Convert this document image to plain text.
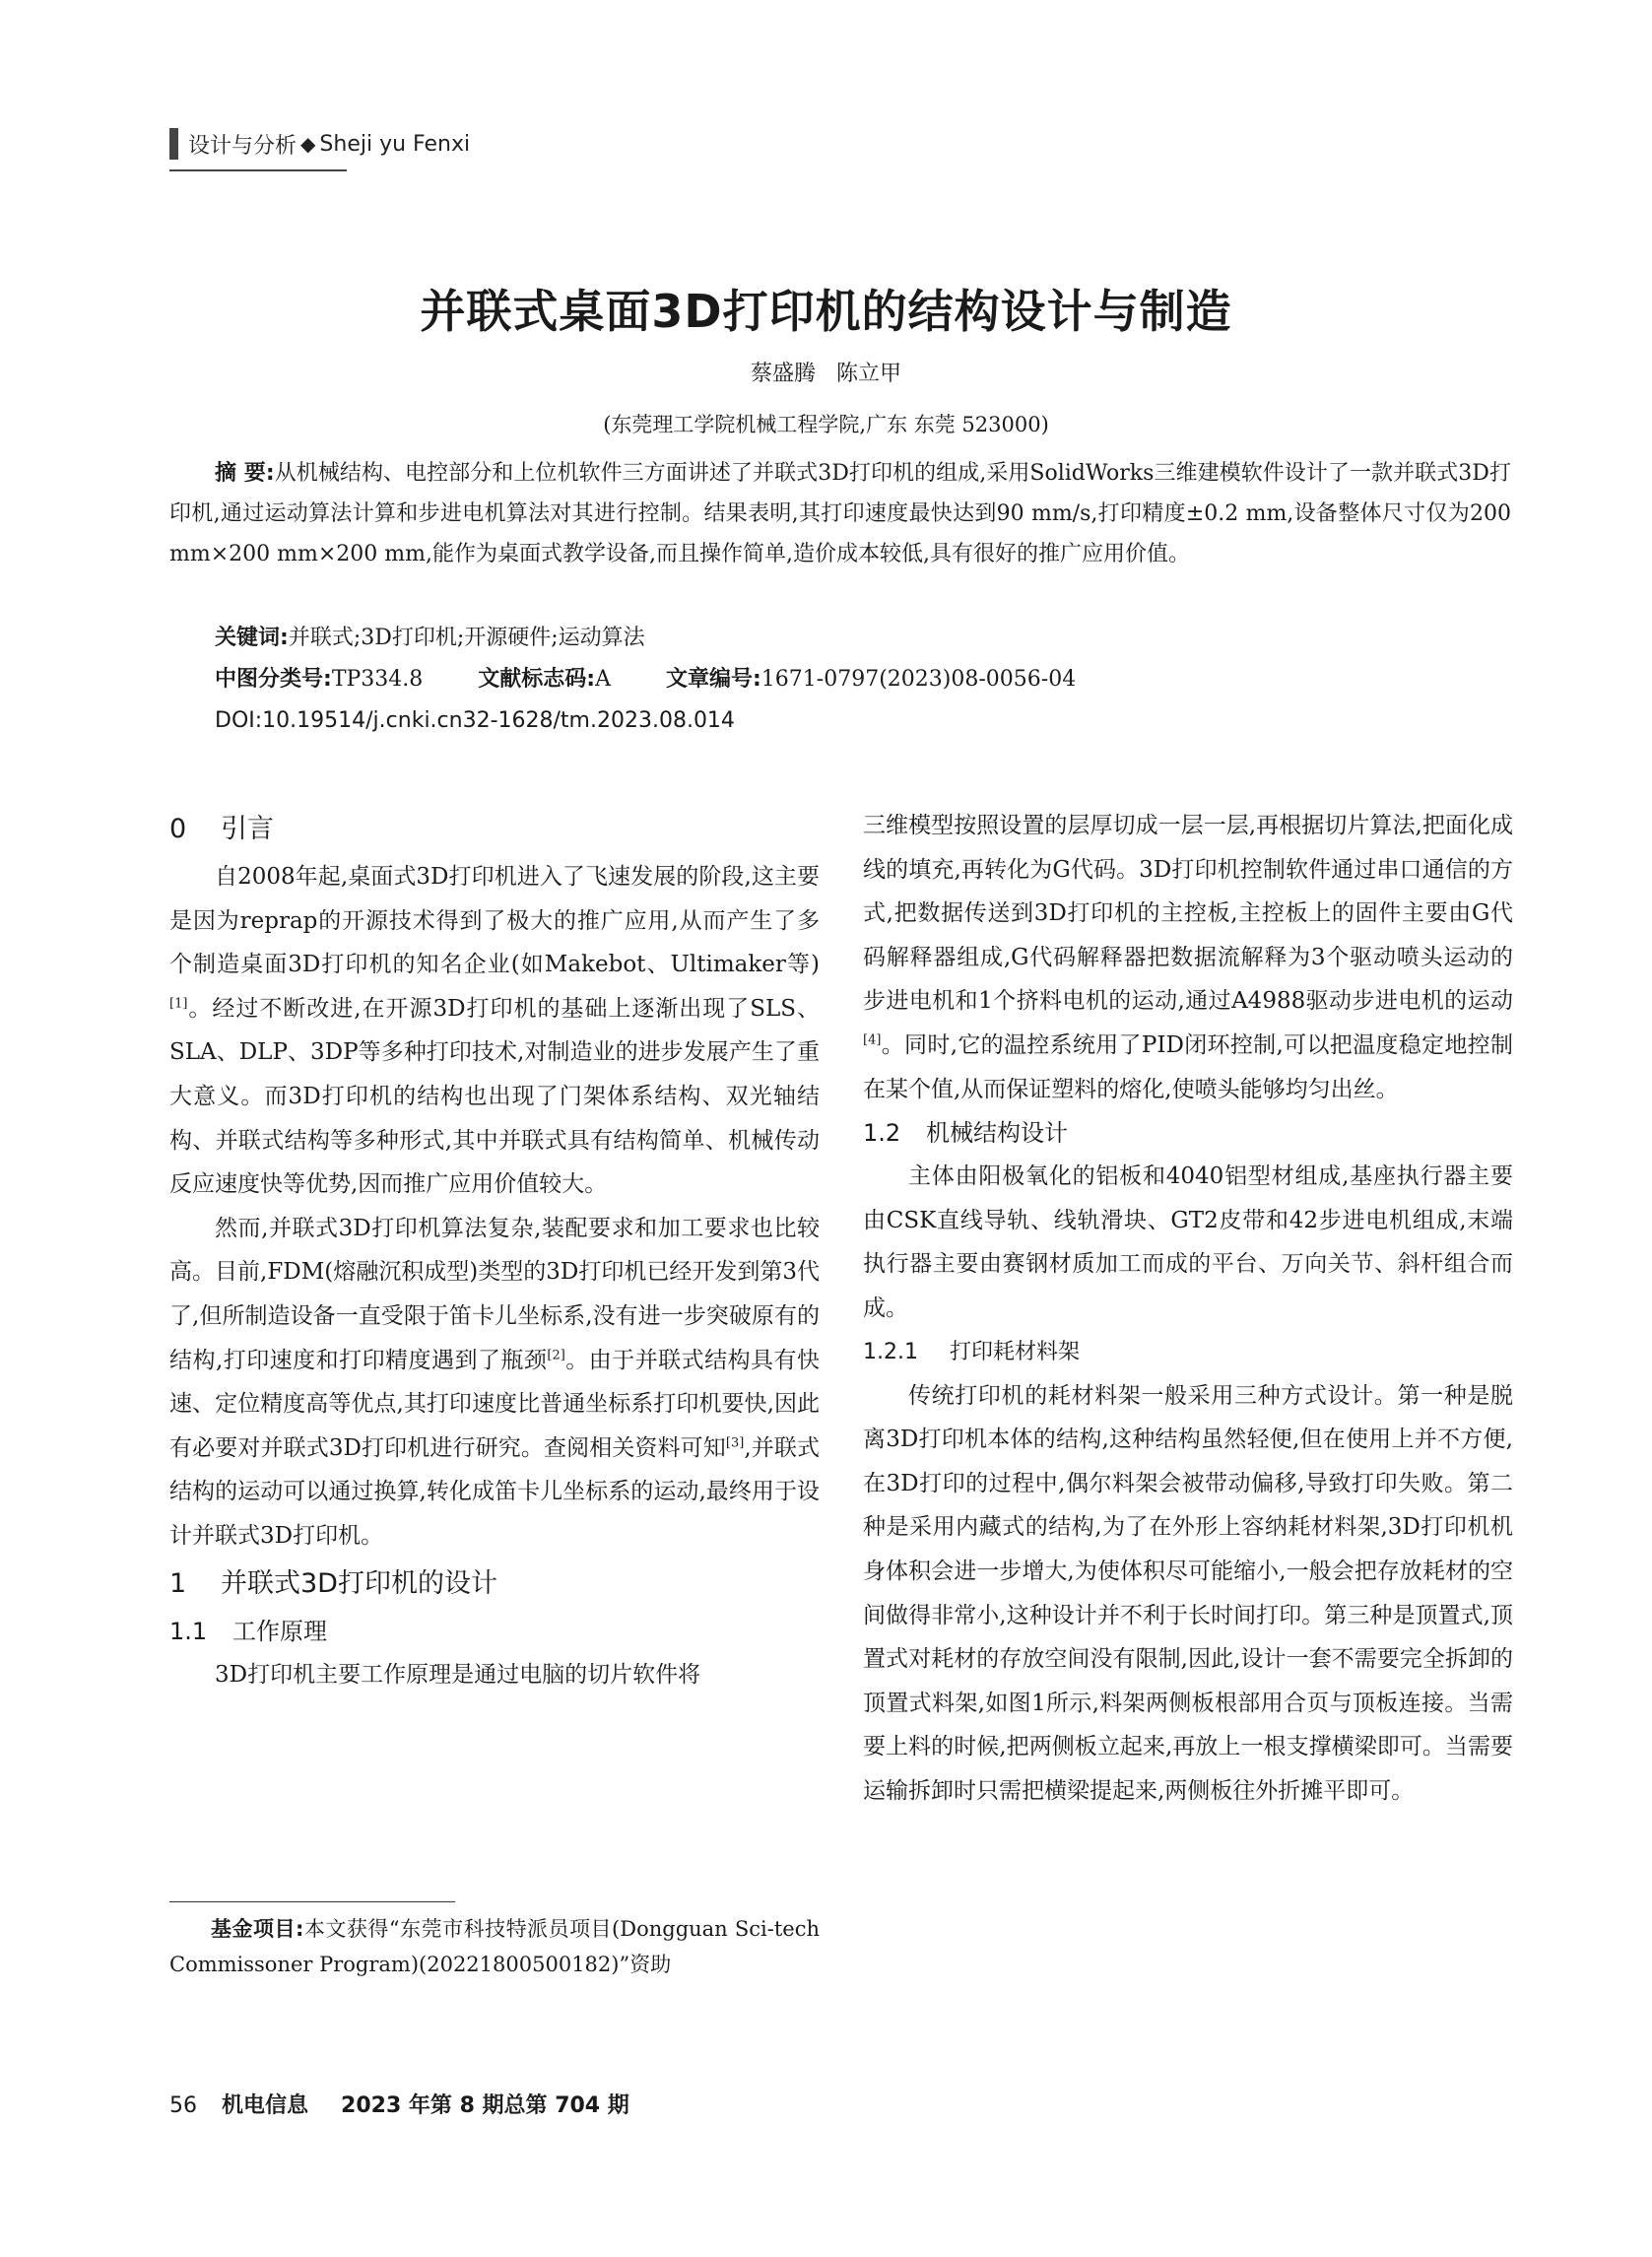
设计与分析 ◆ Sheji yu Fenxi
并联式桌面3D打印机的结构设计与制造
蔡盛腾 陈立甲
(东莞理工学院机械工程学院,广东 东莞 523000)

摘 要:从机械结构、电控部分和上位机软件三方面讲述了并联式3D打印机的组成,采用SolidWorks三维建模软件设计了一款并联式3D打印机,通过运动算法计算和步进电机算法对其进行控制。结果表明,其打印速度最快达到90 mm/s,打印精度±0.2 mm,设备整体尺寸仅为200 mm×200 mm×200 mm,能作为桌面式教学设备,而且操作简单,造价成本较低,具有很好的推广应用价值。

关键词:并联式;3D打印机;开源硬件;运动算法
中图分类号:TP334.8	文献标志码:A	文章编号:1671-0797(2023)08-0056-04
DOI:10.19514/j.cnki.cn32-1628/tm.2023.08.014
0 引言

自2008年起,桌面式3D打印机进入了飞速发展的阶段,这主要是因为reprap的开源技术得到了极大的推广应用,从而产生了多个制造桌面3D打印机的知名企业(如Makebot、Ultimaker等)[1]。经过不断改进,在开源3D打印机的基础上逐渐出现了SLS、SLA、DLP、3DP等多种打印技术,对制造业的进步发展产生了重大意义。而3D打印机的结构也出现了门架体系结构、双光轴结构、并联式结构等多种形式,其中并联式具有结构简单、机械传动反应速度快等优势,因而推广应用价值较大。

然而,并联式3D打印机算法复杂,装配要求和加工要求也比较高。目前,FDM(熔融沉积成型)类型的3D打印机已经开发到第3代了,但所制造设备一直受限于笛卡儿坐标系,没有进一步突破原有的结构,打印速度和打印精度遇到了瓶颈[2]。由于并联式结构具有快速、定位精度高等优点,其打印速度比普通坐标系打印机要快,因此有必要对并联式3D打印机进行研究。查阅相关资料可知[3],并联式结构的运动可以通过换算,转化成笛卡儿坐标系的运动,最终用于设计并联式3D打印机。

1 并联式3D打印机的设计
1.1 工作原理

3D打印机主要工作原理是通过电脑的切片软件将

基金项目:本文获得“东莞市科技特派员项目(Dongguan Sci-tech Commissoner Program)(20221800500182)”资助

三维模型按照设置的层厚切成一层一层,再根据切片算法,把面化成线的填充,再转化为G代码。3D打印机控制软件通过串口通信的方式,把数据传送到3D打印机的主控板,主控板上的固件主要由G代码解释器组成,G代码解释器把数据流解释为3个驱动喷头运动的步进电机和1个挤料电机的运动,通过A4988驱动步进电机的运动[4]。同时,它的温控系统用了PID闭环控制,可以把温度稳定地控制在某个值,从而保证塑料的熔化,使喷头能够均匀出丝。

1.2 机械结构设计

主体由阳极氧化的铝板和4040铝型材组成,基座执行器主要由CSK直线导轨、线轨滑块、GT2皮带和42步进电机组成,末端执行器主要由赛钢材质加工而成的平台、万向关节、斜杆组合而成。

1.2.1 打印耗材料架

传统打印机的耗材料架一般采用三种方式设计。第一种是脱离3D打印机本体的结构,这种结构虽然轻便,但在使用上并不方便,在3D打印的过程中,偶尔料架会被带动偏移,导致打印失败。第二种是采用内藏式的结构,为了在外形上容纳耗材料架,3D打印机机身体积会进一步增大,为使体积尽可能缩小,一般会把存放耗材的空间做得非常小,这种设计并不利于长时间打印。第三种是顶置式,顶置式对耗材的存放空间没有限制,因此,设计一套不需要完全拆卸的顶置式料架,如图1所示,料架两侧板根部用合页与顶板连接。当需要上料的时候,把两侧板立起来,再放上一根支撑横梁即可。当需要运输拆卸时只需把横梁提起来,两侧板往外折摊平即可。

56 机电信息 2023 年第 8 期总第 704 期
